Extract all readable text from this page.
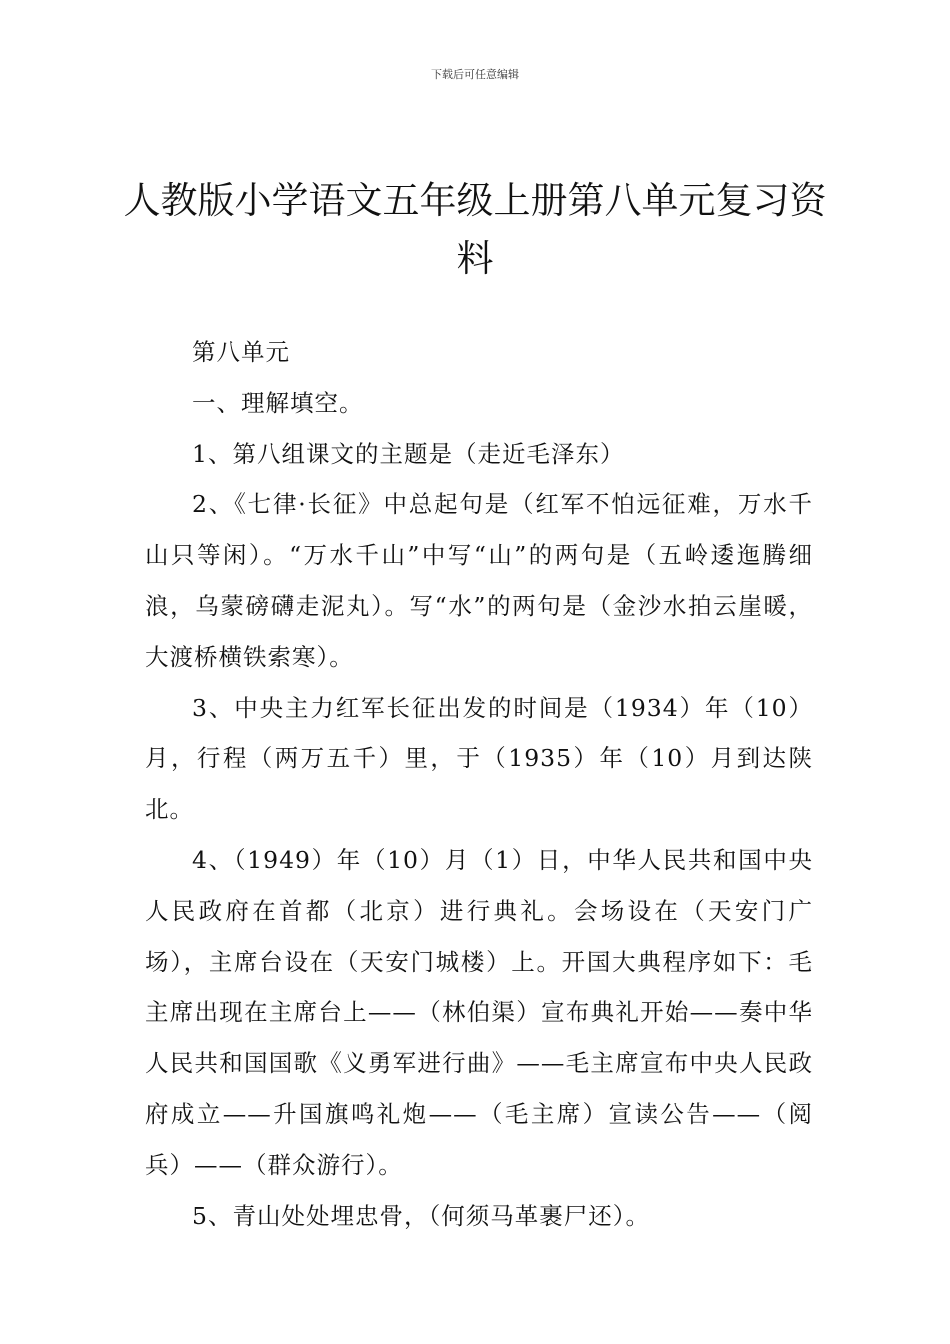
下载后可任意编辑
人教版小学语文五年级上册第八单元复习资料

第八单元

一、理解填空。

1、第八组课文的主题是（走近毛泽东）

2、《七律·长征》中总起句是（红军不怕远征难，万水千山只等闲）。“万水千山”中写“山”的两句是（五岭逶迤腾细浪，乌蒙磅礴走泥丸）。写“水”的两句是（金沙水拍云崖暖，大渡桥横铁索寒）。

3、中央主力红军长征出发的时间是（1934）年（10）月，行程（两万五千）里，于（1935）年（10）月到达陕北。

4、（1949）年（10）月（1）日，中华人民共和国中央人民政府在首都（北京）进行典礼。会场设在（天安门广场），主席台设在（天安门城楼）上。开国大典程序如下：毛主席出现在主席台上——（林伯渠）宣布典礼开始——奏中华人民共和国国歌《义勇军进行曲》——毛主席宣布中央人民政府成立——升国旗鸣礼炮——（毛主席）宣读公告——（阅兵）——（群众游行）。

5、青山处处埋忠骨，（何须马革裹尸还）。
